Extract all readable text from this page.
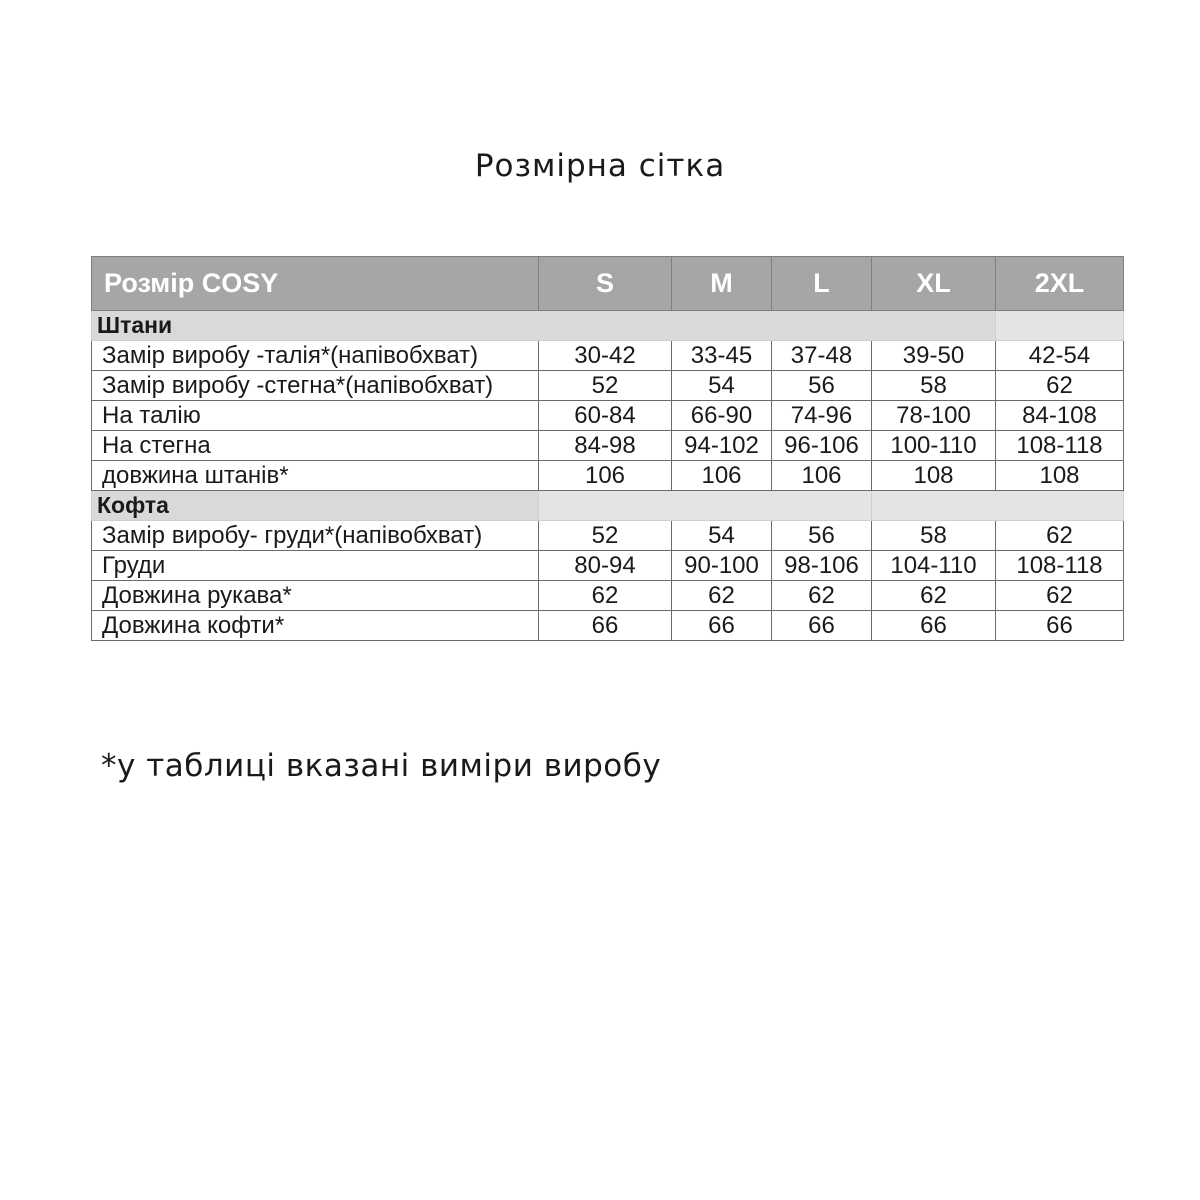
Розмірна сітка
Розмір COSY	S	M	L	XL	2XL
Штани					
Замір виробу -талія*(напівобхват)	30-42	33-45	37-48	39-50	42-54
Замір виробу -стегна*(напівобхват)	52	54	56	58	62
На талію	60-84	66-90	74-96	78-100	84-108
На стегна	84-98	94-102	96-106	100-110	108-118
довжина штанів*	106	106	106	108	108
Кофта					
Замір виробу- груди*(напівобхват)	52	54	56	58	62
Груди	80-94	90-100	98-106	104-110	108-118
Довжина рукава*	62	62	62	62	62
Довжина кофти*	66	66	66	66	66
*у таблиці вказані виміри виробу
